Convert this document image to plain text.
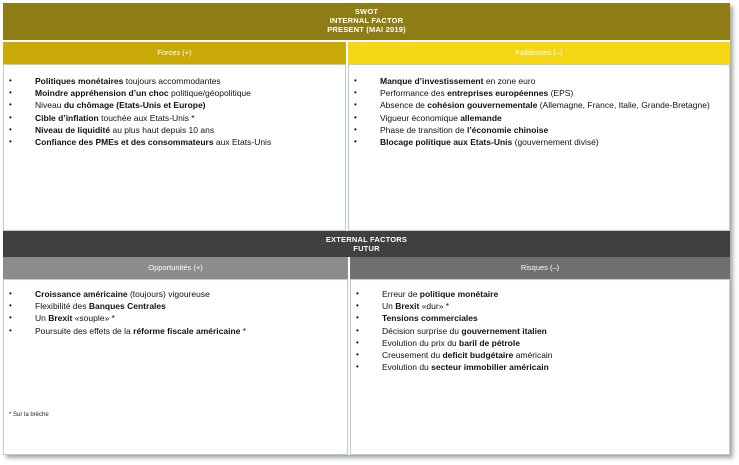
SWOT
INTERNAL FACTOR
PRESENT (MAI 2019)
Forces (+)	Faiblesses (–)
• Politiques monétaires toujours accommodantes
• Moindre appréhension d’un choc politique/géopolitique
• Niveau du chômage (Etats-Unis et Europe)
• Cible d’inflation touchée aux Etats-Unis *
• Niveau de liquidité au plus haut depuis 10 ans
• Confiance des PMEs et des consommateurs aux Etats-Unis
• Manque d’investissement en zone euro
• Performance des entreprises européennes (EPS)
• Absence de cohésion gouvernementale (Allemagne, France, Italie, Grande-Bretagne)
• Vigueur économique allemande
• Phase de transition de l’économie chinoise
• Blocage politique aux Etats-Unis (gouvernement divisé)
EXTERNAL FACTORS
FUTUR
Opportunités (+)	Risques (–)
• Croissance américaine (toujours) vigoureuse
• Flexibilité des Banques Centrales
• Un Brexit «souple» *
• Poursuite des effets de la réforme fiscale américaine *
* Sur la brèche
• Erreur de politique monétaire
• Un Brexit «dur» *
• Tensions commerciales
• Décision surprise du gouvernement italien
• Evolution du prix du baril de pétrole
• Creusement du deficit budgétaire américain
• Evolution du secteur immobilier américain
